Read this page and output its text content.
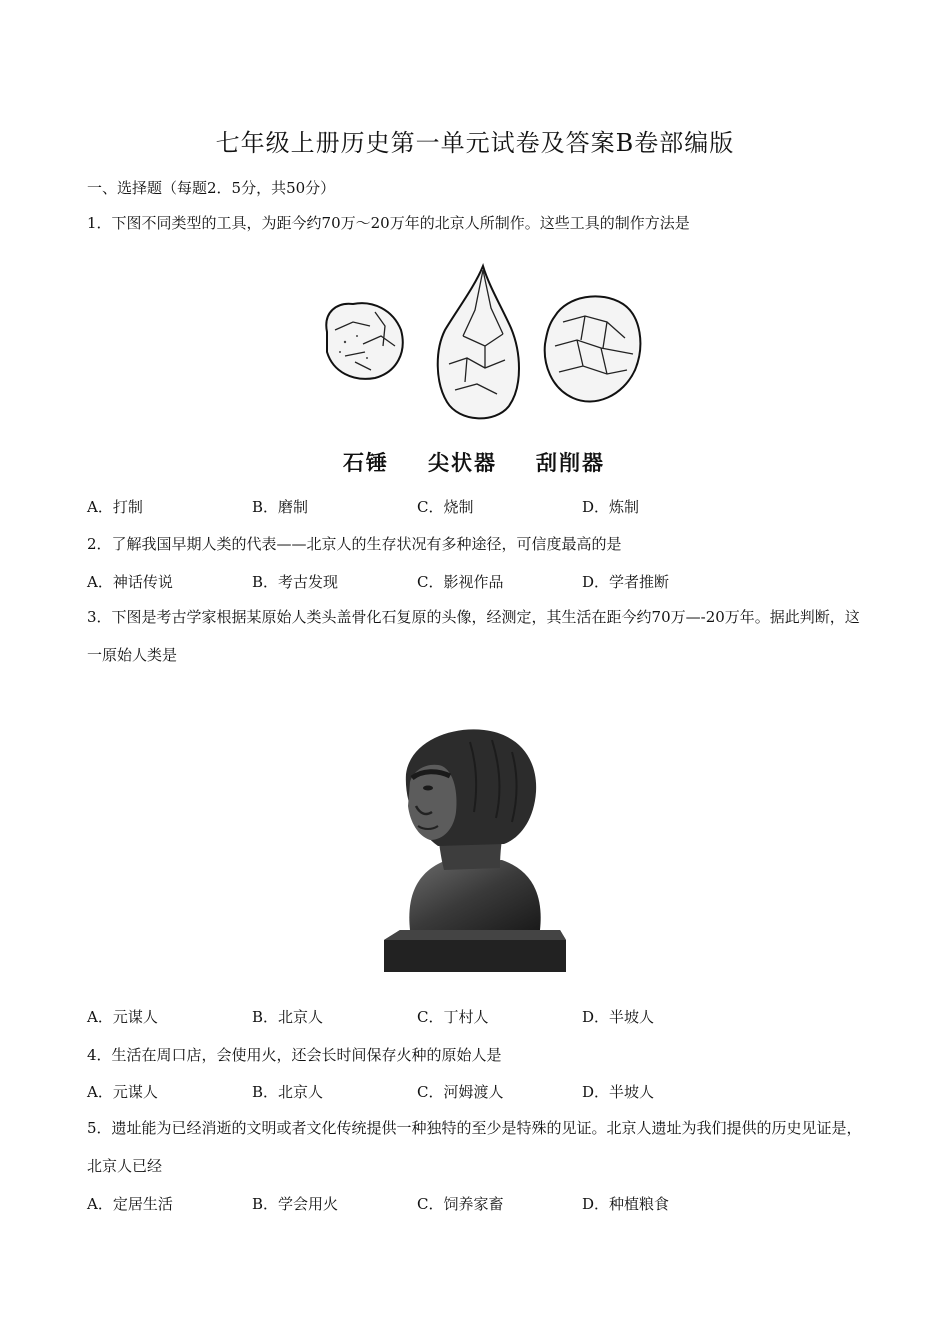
七年级上册历史第一单元试卷及答案B卷部编版
一、选择题（每题2．5分，共50分）
1．下图不同类型的工具，为距今约70万～20万年的北京人所制作。这些工具的制作方法是
石锤 尖状器 刮削器
A．打制	B．磨制	C．烧制	D．炼制
2．了解我国早期人类的代表——北京人的生存状况有多种途径，可信度最高的是
A．神话传说	B．考古发现	C．影视作品	D．学者推断
3．下图是考古学家根据某原始人类头盖骨化石复原的头像，经测定，其生活在距今约70万—-20万年。据此判断，这一原始人类是
A．元谋人	B．北京人	C．丁村人	D．半坡人
4．生活在周口店，会使用火，还会长时间保存火种的原始人是
A．元谋人	B．北京人	C．河姆渡人	D．半坡人
5．遗址能为已经消逝的文明或者文化传统提供一种独特的至少是特殊的见证。北京人遗址为我们提供的历史见证是，北京人已经
A．定居生活	B．学会用火	C．饲养家畜	D．种植粮食
